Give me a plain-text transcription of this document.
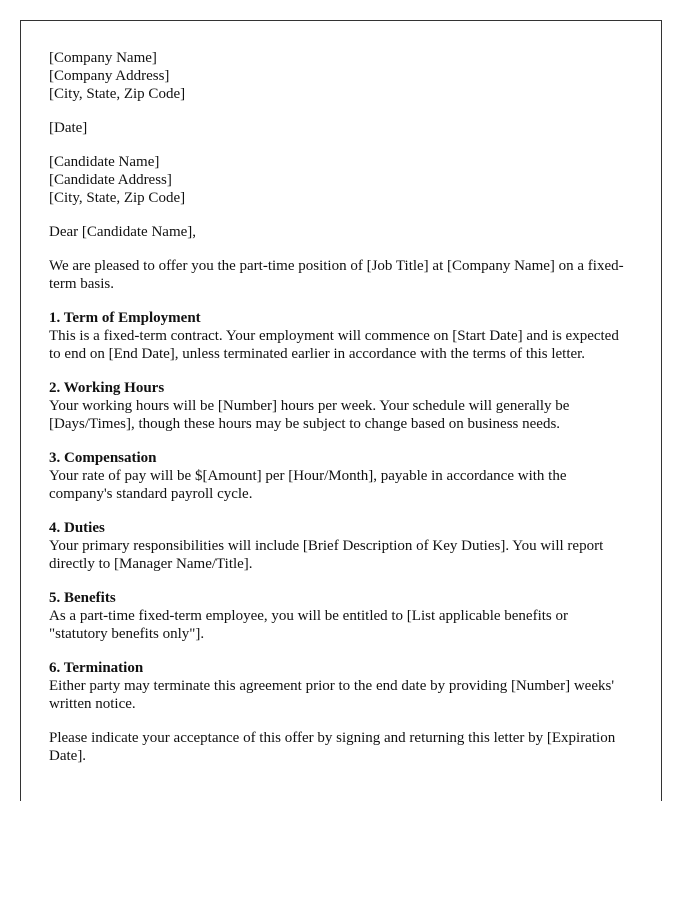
[Company Name]
[Company Address]
[City, State, Zip Code]

[Date]

[Candidate Name]
[Candidate Address]
[City, State, Zip Code]

Dear [Candidate Name],

We are pleased to offer you the part-time position of [Job Title] at [Company Name] on a fixed-term basis.

1. Term of Employment
This is a fixed-term contract. Your employment will commence on [Start Date] and is expected to end on [End Date], unless terminated earlier in accordance with the terms of this letter.

2. Working Hours
Your working hours will be [Number] hours per week. Your schedule will generally be [Days/Times], though these hours may be subject to change based on business needs.

3. Compensation
Your rate of pay will be $[Amount] per [Hour/Month], payable in accordance with the company's standard payroll cycle.

4. Duties
Your primary responsibilities will include [Brief Description of Key Duties]. You will report directly to [Manager Name/Title].

5. Benefits
As a part-time fixed-term employee, you will be entitled to [List applicable benefits or "statutory benefits only"].

6. Termination
Either party may terminate this agreement prior to the end date by providing [Number] weeks' written notice.

Please indicate your acceptance of this offer by signing and returning this letter by [Expiration Date].
